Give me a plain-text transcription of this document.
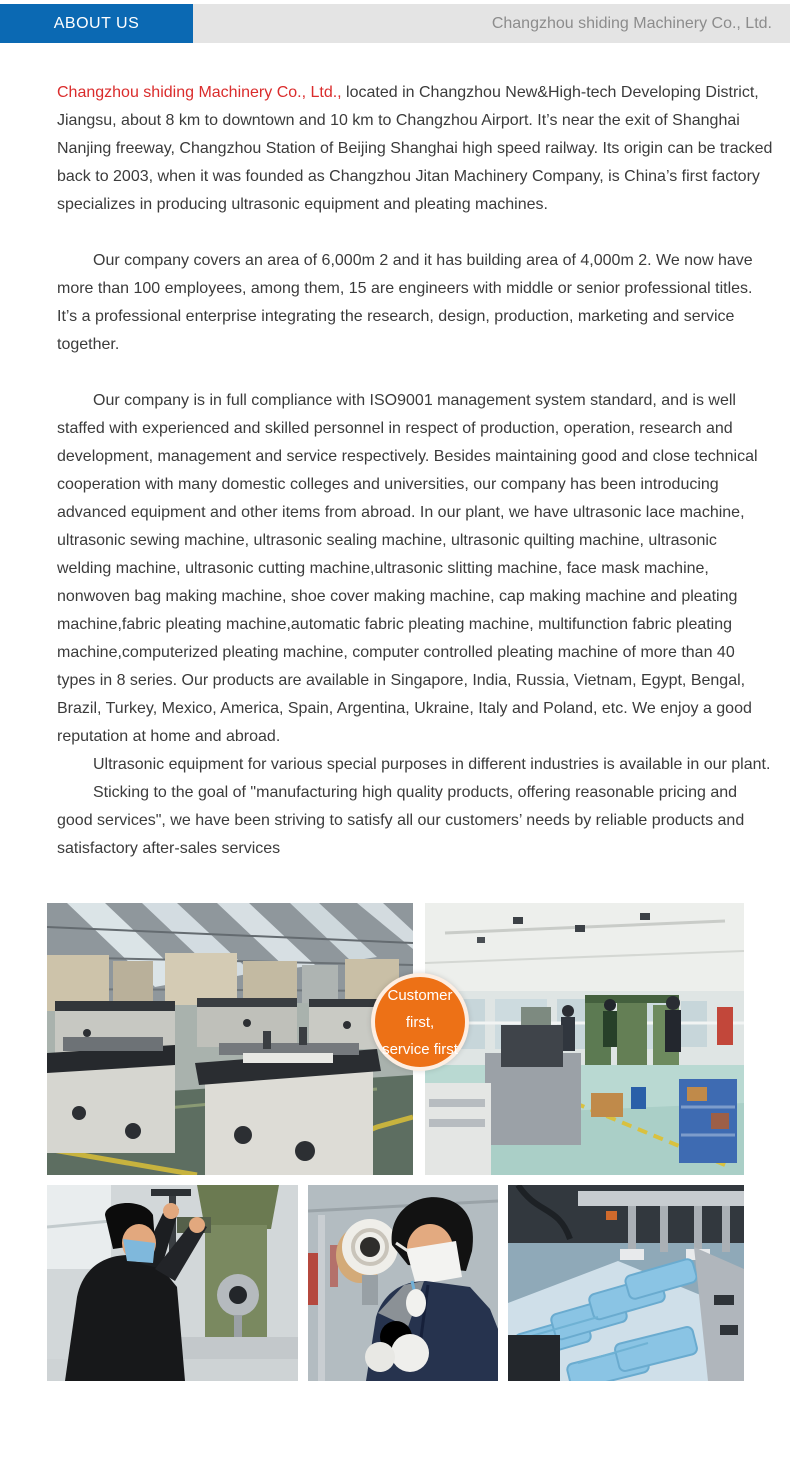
ABOUT US	Changzhou shiding Machinery Co., Ltd.

Changzhou shiding Machinery Co., Ltd., located in Changzhou New&High-tech Developing District, Jiangsu, about 8 km to downtown and 10 km to Changzhou Airport. It’s near the exit of Shanghai Nanjing freeway, Changzhou Station of Beijing Shanghai high speed railway. Its origin can be tracked back to 2003, when it was founded as Changzhou Jitan Machinery Company, is China’s first factory specializes in producing ultrasonic equipment and pleating machines.

Our company covers an area of 6,000m 2 and it has building area of 4,000m 2. We now have more than 100 employees, among them, 15 are engineers with middle or senior professional titles. It’s a professional enterprise integrating the research, design, production, marketing and service together.

Our company is in full compliance with ISO9001 management system standard, and is well staffed with experienced and skilled personnel in respect of production, operation, research and development, management and service respectively. Besides maintaining good and close technical cooperation with many domestic colleges and universities, our company has been introducing advanced equipment and other items from abroad. In our plant, we have ultrasonic lace machine, ultrasonic sewing machine, ultrasonic sealing machine, ultrasonic quilting machine, ultrasonic welding machine, ultrasonic cutting machine,ultrasonic slitting machine, face mask machine, nonwoven bag making machine, shoe cover making machine, cap making machine and pleating machine,fabric pleating machine,automatic fabric pleating machine, multifunction fabric pleating machine,computerized pleating machine, computer controlled pleating machine of more than 40 types in 8 series. Our products are available in Singapore, India, Russia, Vietnam, Egypt, Bengal, Brazil, Turkey, Mexico, America, Spain, Argentina, Ukraine, Italy and Poland, etc. We enjoy a good reputation at home and abroad.

Ultrasonic equipment for various special purposes in different industries is available in our plant.

Sticking to the goal of "manufacturing high quality products, offering reasonable pricing and good services", we have been striving to satisfy all our customers’ needs by reliable products and satisfactory after-sales services

Customer first,
service first
